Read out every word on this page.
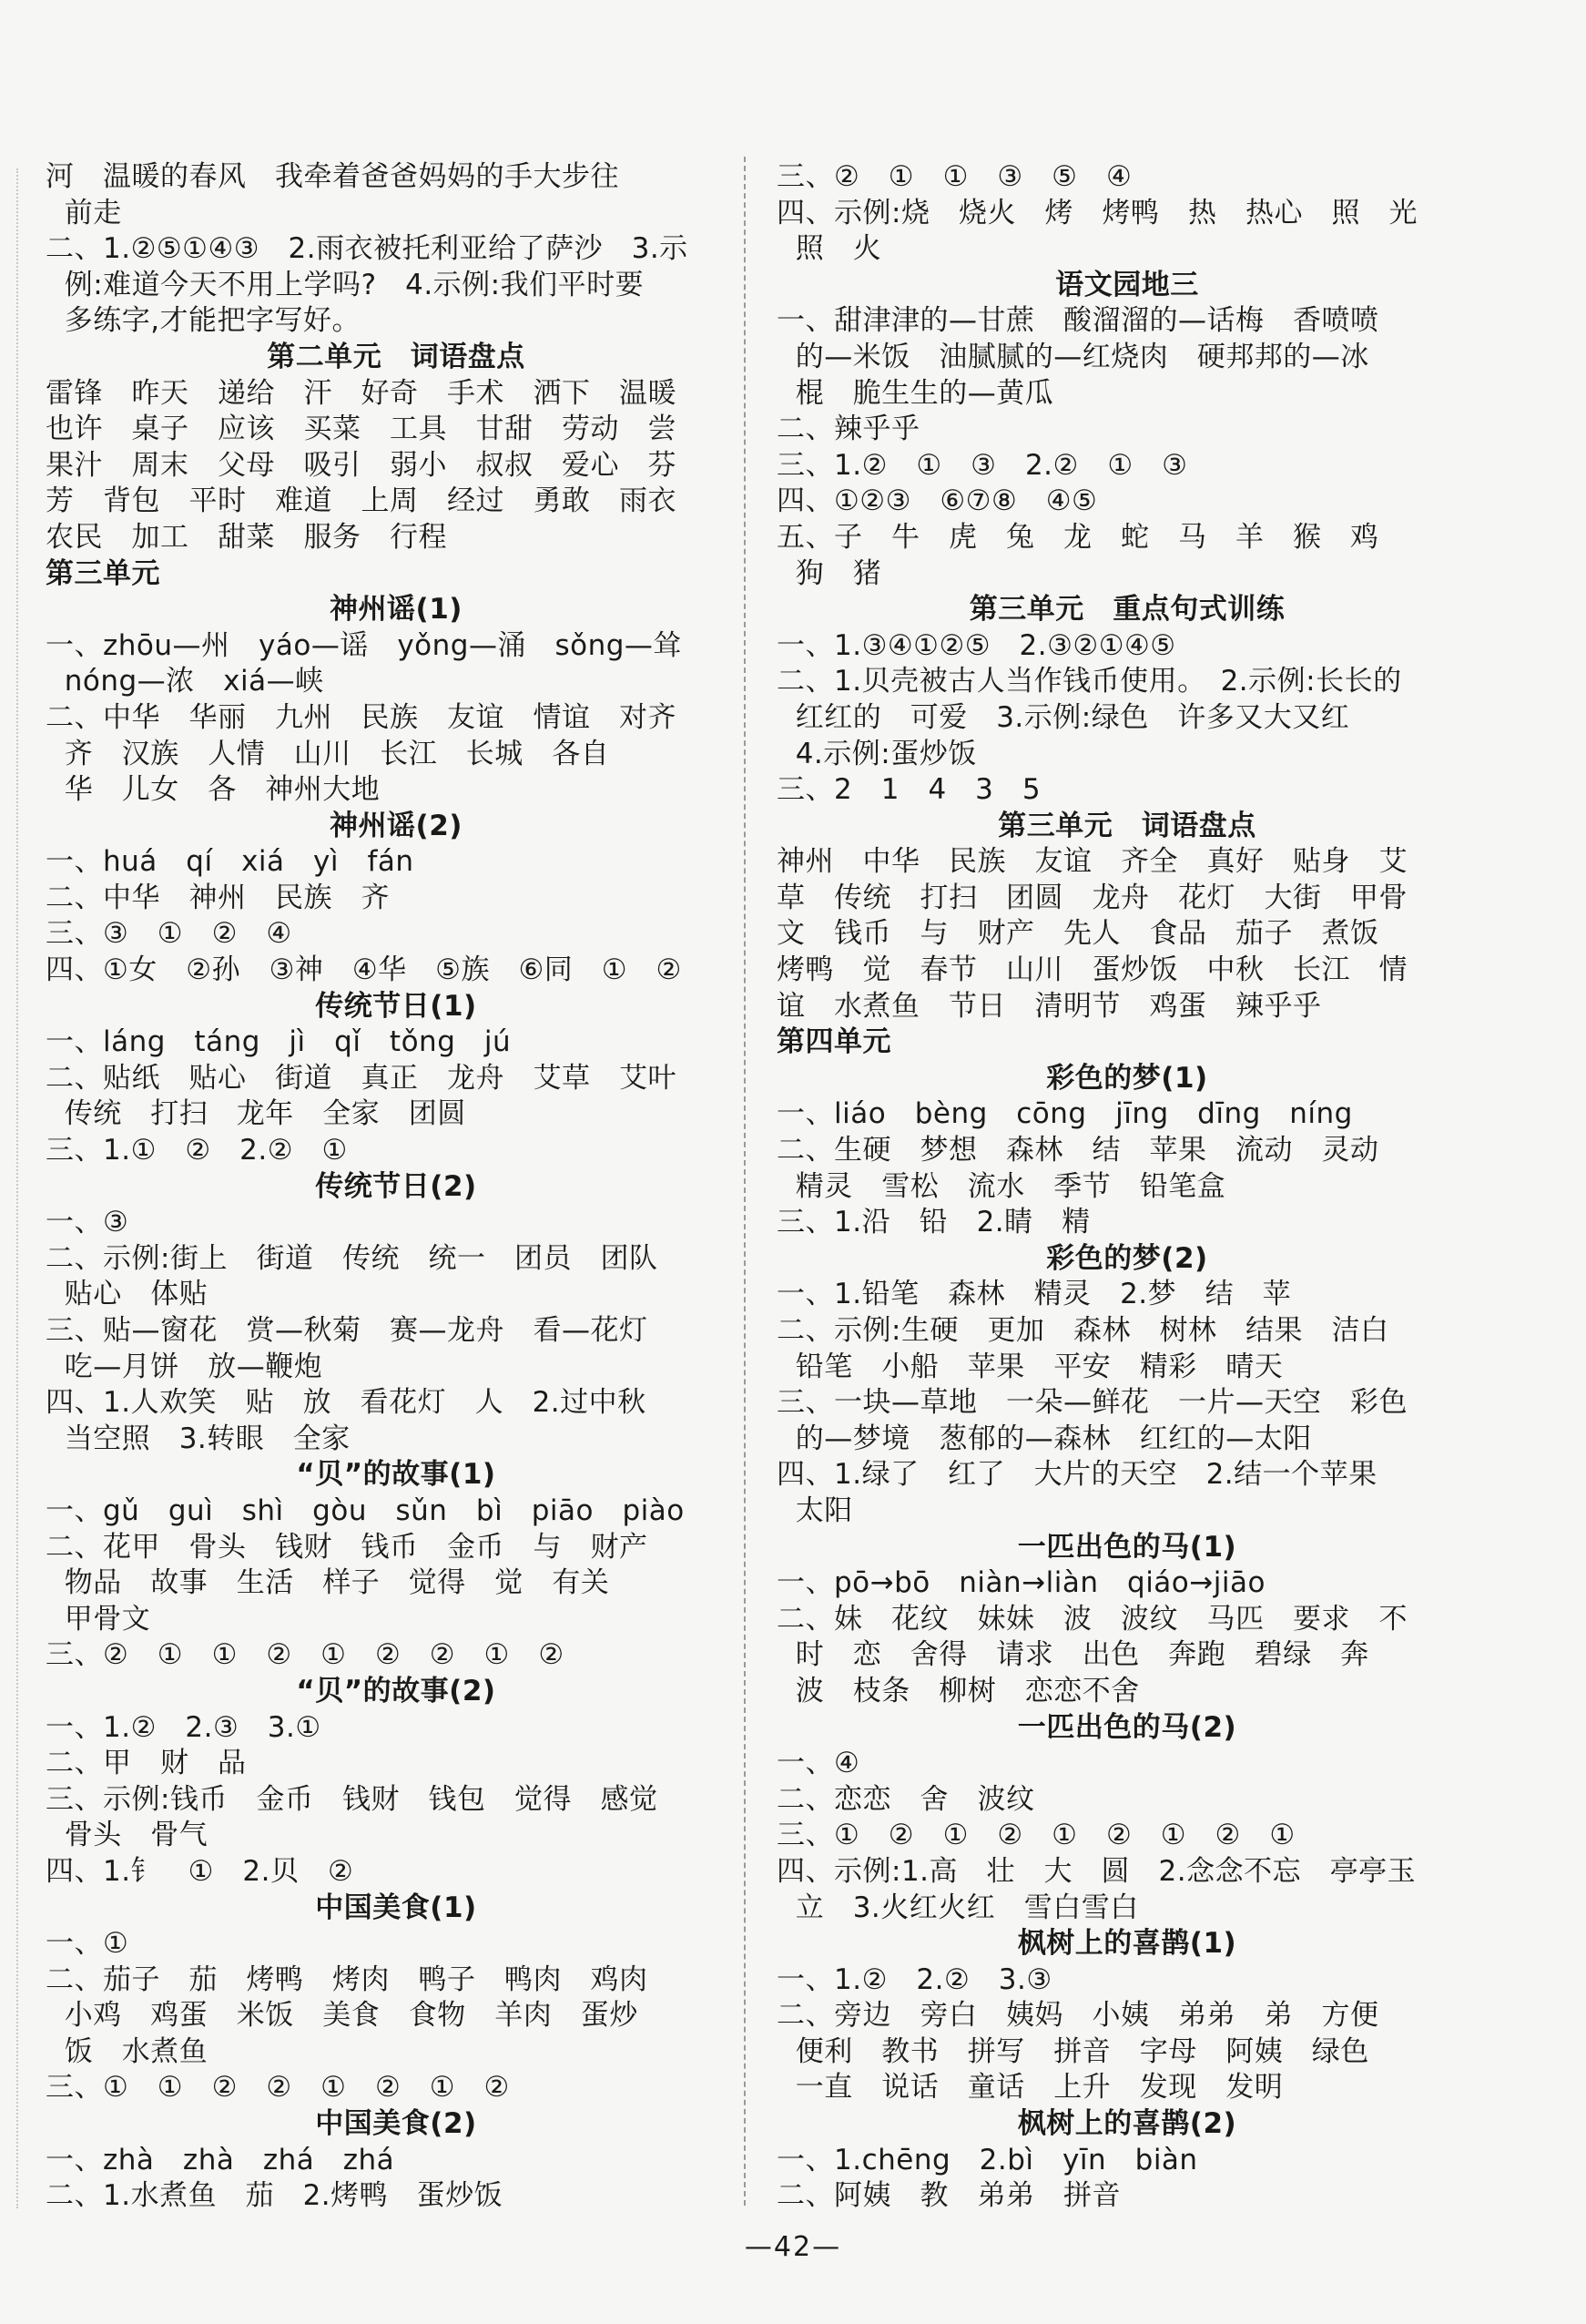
河　温暖的春风　我牵着爸爸妈妈的手大步往
前走
二、1.②⑤①④③　2.雨衣被托利亚给了萨沙　3.示
例:难道今天不用上学吗?　4.示例:我们平时要
多练字,才能把字写好。
第二单元　词语盘点
雷锋　昨天　递给　汗　好奇　手术　洒下　温暖
也许　桌子　应该　买菜　工具　甘甜　劳动　尝
果汁　周末　父母　吸引　弱小　叔叔　爱心　芬
芳　背包　平时　难道　上周　经过　勇敢　雨衣
农民　加工　甜菜　服务　行程
第三单元
神州谣(1)
一、zhōu—州　yáo—谣　yǒng—涌　sǒng—耸
nóng—浓　xiá—峡
二、中华　华丽　九州　民族　友谊　情谊　对齐
齐　汉族　人情　山川　长江　长城　各自
华　儿女　各　神州大地
神州谣(2)
一、huá　qí　xiá　yì　fán
二、中华　神州　民族　齐
三、③　①　②　④
四、①女　②孙　③神　④华　⑤族　⑥同　①　②
传统节日(1)
一、láng　táng　jì　qǐ　tǒng　jú
二、贴纸　贴心　街道　真正　龙舟　艾草　艾叶
传统　打扫　龙年　全家　团圆
三、1.①　②　2.②　①
传统节日(2)
一、③
二、示例:街上　街道　传统　统一　团员　团队
贴心　体贴
三、贴—窗花　赏—秋菊　赛—龙舟　看—花灯
吃—月饼　放—鞭炮
四、1.人欢笑　贴　放　看花灯　人　2.过中秋
当空照　3.转眼　全家
“贝”的故事(1)
一、gǔ　guì　shì　gòu　sǔn　bì　piāo　piào
二、花甲　骨头　钱财　钱币　金币　与　财产
物品　故事　生活　样子　觉得　觉　有关
甲骨文
三、②　①　①　②　①　②　②　①　②
“贝”的故事(2)
一、1.②　2.③　3.①
二、甲　财　品
三、示例:钱币　金币　钱财　钱包　觉得　感觉
骨头　骨气
四、1.钅　①　2.贝　②
中国美食(1)
一、①
二、茄子　茄　烤鸭　烤肉　鸭子　鸭肉　鸡肉
小鸡　鸡蛋　米饭　美食　食物　羊肉　蛋炒
饭　水煮鱼
三、①　①　②　②　①　②　①　②
中国美食(2)
一、zhà　zhà　zhá　zhá
二、1.水煮鱼　茄　2.烤鸭　蛋炒饭
三、②　①　①　③　⑤　④
四、示例:烧　烧火　烤　烤鸭　热　热心　照　光
照　火
语文园地三
一、甜津津的—甘蔗　酸溜溜的—话梅　香喷喷
的—米饭　油腻腻的—红烧肉　硬邦邦的—冰
棍　脆生生的—黄瓜
二、辣乎乎
三、1.②　①　③　2.②　①　③
四、①②③　⑥⑦⑧　④⑤
五、子　牛　虎　兔　龙　蛇　马　羊　猴　鸡
狗　猪
第三单元　重点句式训练
一、1.③④①②⑤　2.③②①④⑤
二、1.贝壳被古人当作钱币使用。　2.示例:长长的
红红的　可爱　3.示例:绿色　许多又大又红
4.示例:蛋炒饭
三、2　1　4　3　5
第三单元　词语盘点
神州　中华　民族　友谊　齐全　真好　贴身　艾
草　传统　打扫　团圆　龙舟　花灯　大街　甲骨
文　钱币　与　财产　先人　食品　茄子　煮饭
烤鸭　觉　春节　山川　蛋炒饭　中秋　长江　情
谊　水煮鱼　节日　清明节　鸡蛋　辣乎乎
第四单元
彩色的梦(1)
一、liáo　bèng　cōng　jīng　dīng　níng
二、生硬　梦想　森林　结　苹果　流动　灵动
精灵　雪松　流水　季节　铅笔盒
三、1.沿　铅　2.睛　精
彩色的梦(2)
一、1.铅笔　森林　精灵　2.梦　结　苹
二、示例:生硬　更加　森林　树林　结果　洁白
铅笔　小船　苹果　平安　精彩　晴天
三、一块—草地　一朵—鲜花　一片—天空　彩色
的—梦境　葱郁的—森林　红红的—太阳
四、1.绿了　红了　大片的天空　2.结一个苹果
太阳
一匹出色的马(1)
一、pō→bō　niàn→liàn　qiáo→jiāo
二、妹　花纹　妹妹　波　波纹　马匹　要求　不
时　恋　舍得　请求　出色　奔跑　碧绿　奔
波　枝条　柳树　恋恋不舍
一匹出色的马(2)
一、④
二、恋恋　舍　波纹
三、①　②　①　②　①　②　①　②　①
四、示例:1.高　壮　大　圆　2.念念不忘　亭亭玉
立　3.火红火红　雪白雪白
枫树上的喜鹊(1)
一、1.②　2.②　3.③
二、旁边　旁白　姨妈　小姨　弟弟　弟　方便
便利　教书　拼写　拼音　字母　阿姨　绿色
一直　说话　童话　上升　发现　发明
枫树上的喜鹊(2)
一、1.chēng　2.bì　yīn　biàn
二、阿姨　教　弟弟　拼音
—42—
